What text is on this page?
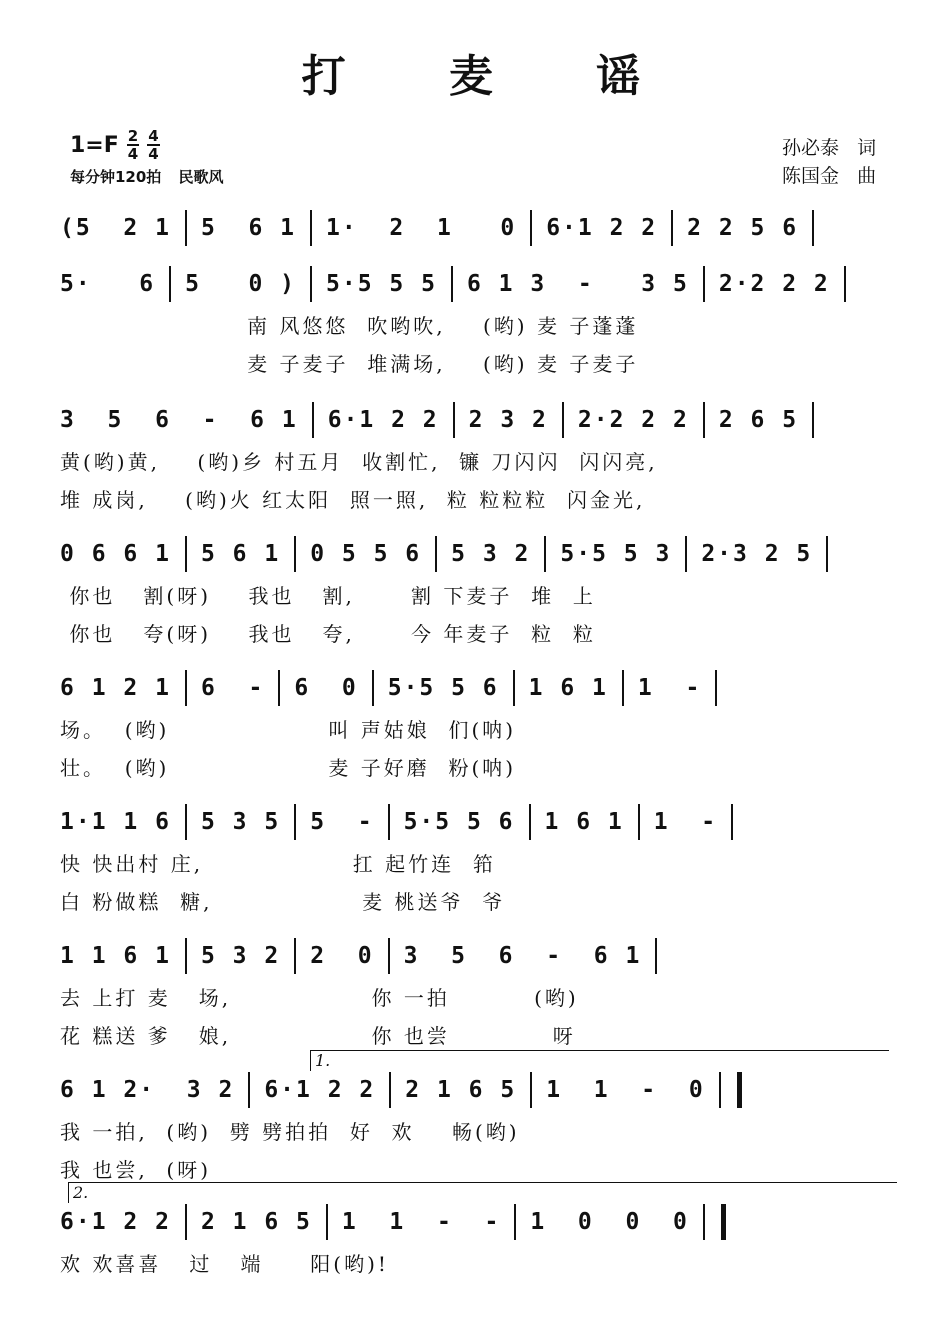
打 麦 谣
$1=F \frac{2}{4} \frac{4}{4}$
每分钟120拍 民歌风
孙必泰 词
陈国金 曲
(5  2 1 5  6 1 1·  2  1   0 6·1 2 2 2 2 5 6
5·   6 5   0 ) 5·5 5 5 6 1 3  -   3 5 2·2 2 2
南 风悠悠  吹哟吹,    (哟) 麦 子蓬蓬
麦 子麦子  堆满场,    (哟) 麦 子麦子
3  5  6  -  6 1 6·1 2 2 2 3 2 2·2 2 2 2 6 5
黄(哟)黄,    (哟)乡 村五月  收割忙,  镰 刀闪闪  闪闪亮,
堆 成岗,    (哟)火 红太阳  照一照,  粒 粒粒粒  闪金光,
0 6 6 1 5 6 1 0 5 5 6 5 3 2 5·5 5 3 2·3 2 5
你也   割(呀)    我也   割,      割 下麦子  堆  上
你也   夸(呀)    我也   夸,      今 年麦子  粒  粒
6 1 2 1 6  - 6  0 5·5 5 6 1 6 1 1  -
场。  (哟)                 叫 声姑娘  们(呐)
壮。  (哟)                 麦 子好磨  粉(呐)
1·1 1 6 5 3 5 5  - 5·5 5 6 1 6 1 1  -
快 快出村 庄,                扛 起竹连  筘
白 粉做糕  糖,                麦 桃送爷  爷
1 1 6 1 5 3 2 2  0 3  5  6  -  6 1
去 上打 麦   场,               你 一拍         (哟)
花 糕送 爹   娘,               你 也尝           呀
1.
6 1 2·  3 2 6·1 2 2 2 1 6 5 1  1  -  0
我 一拍,  (哟)  劈 劈拍拍  好  欢    畅(哟)
我 也尝,  (呀)
2.
6·1 2 2 2 1 6 5 1  1  -  - 1  0  0  0
欢 欢喜喜   过   端     阳(哟)!
